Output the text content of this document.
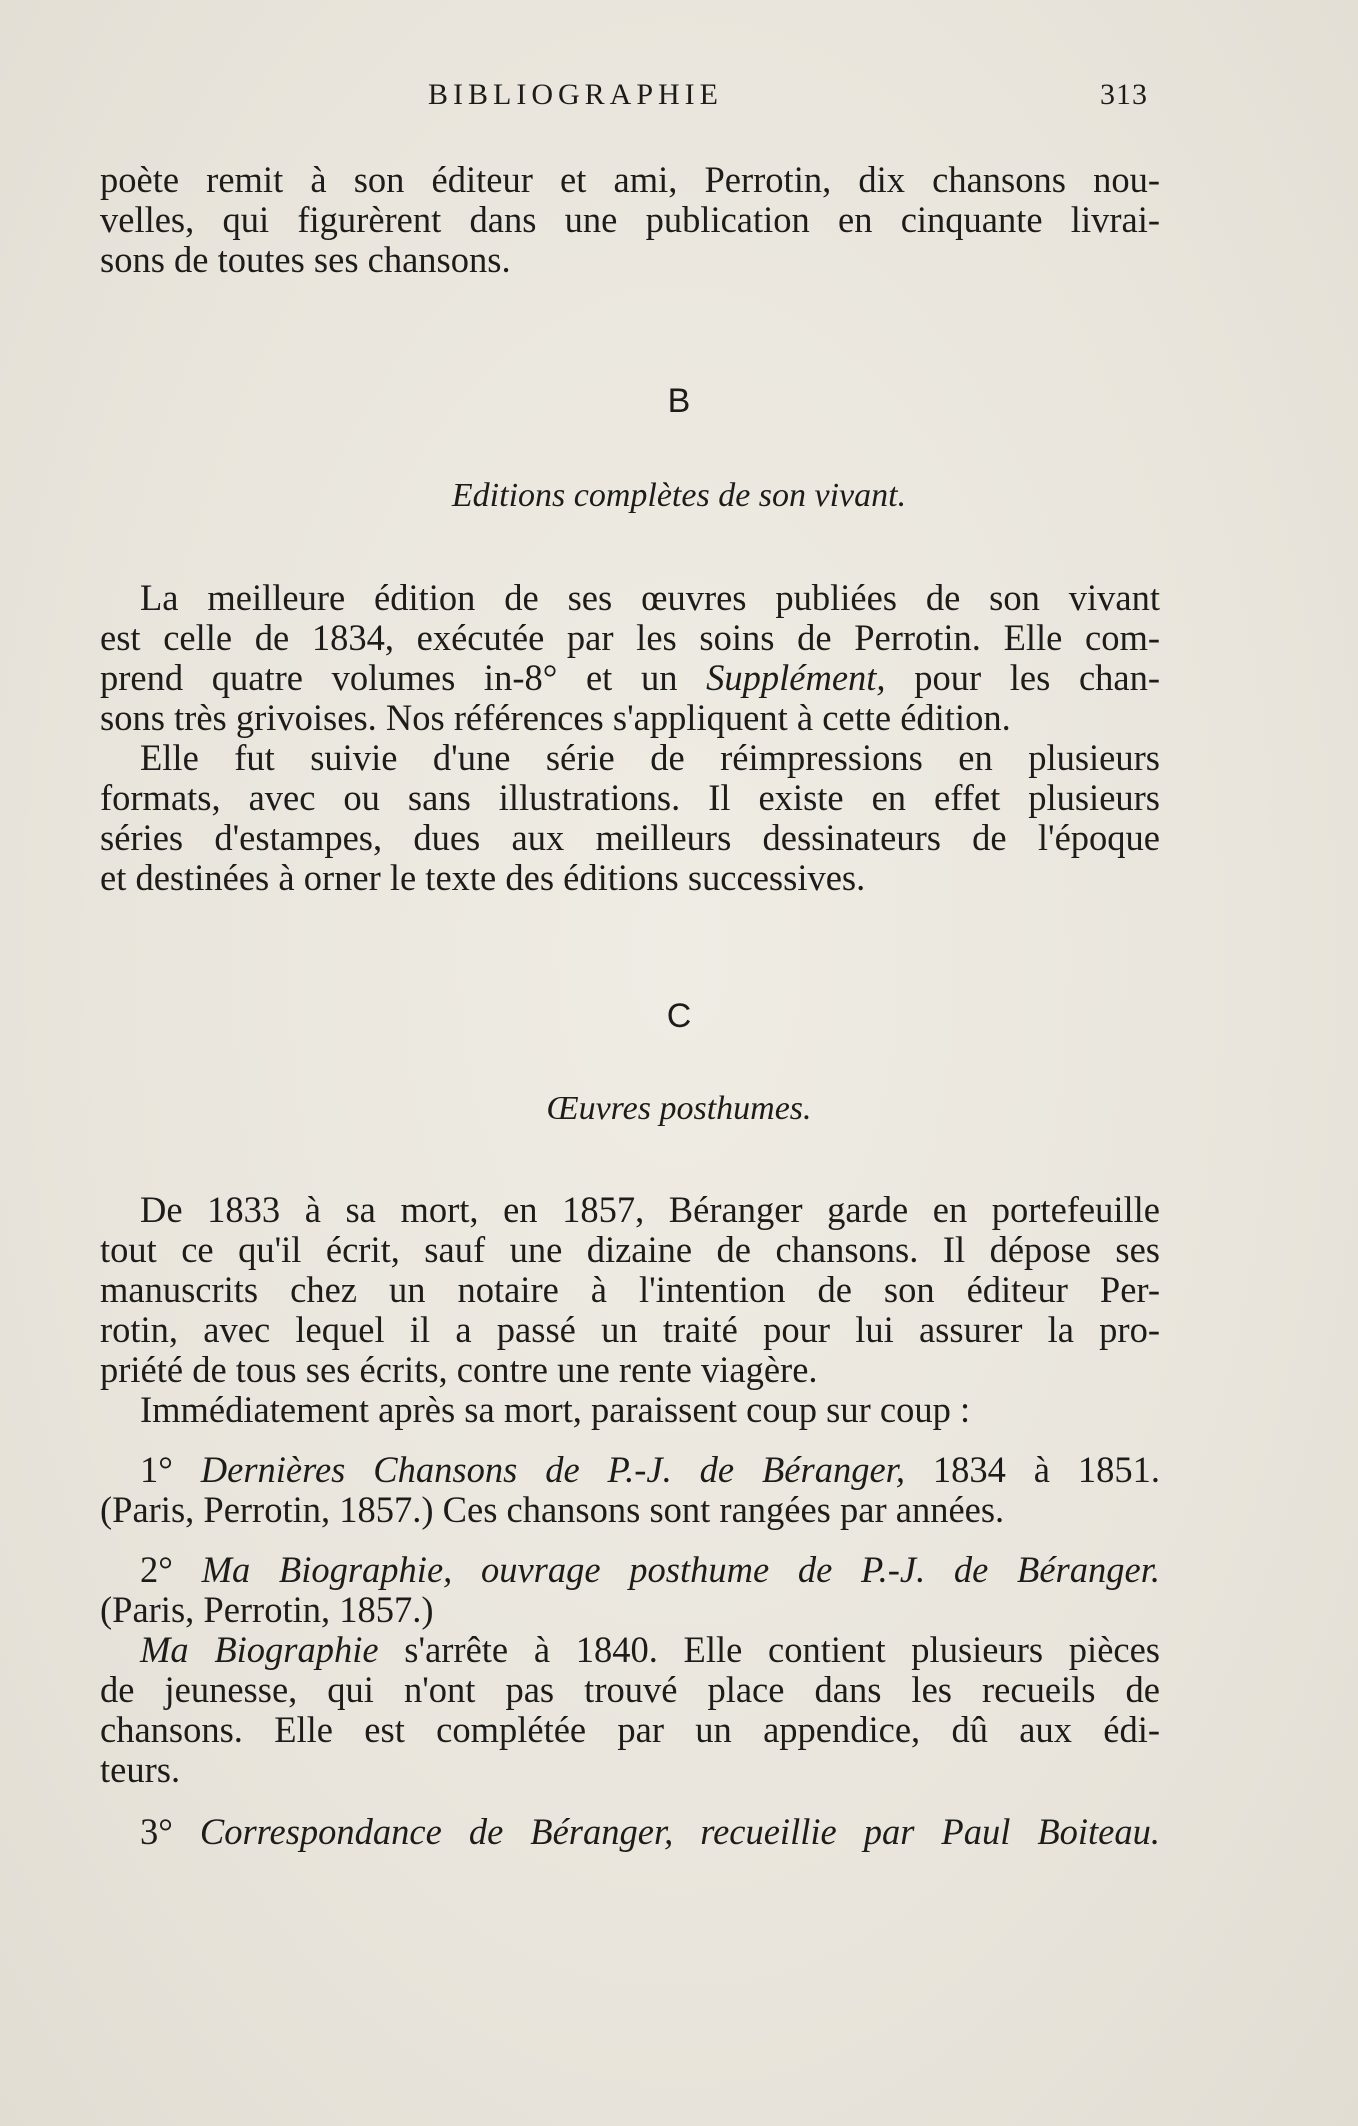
BIBLIOGRAPHIE	313
poète remit à son éditeur et ami, Perrotin, dix chansons nou-
velles, qui figurèrent dans une publication en cinquante livrai-
sons de toutes ses chansons.
B
Editions complètes de son vivant.
La meilleure édition de ses œuvres publiées de son vivant
est celle de 1834, exécutée par les soins de Perrotin. Elle com-
prend quatre volumes in-8° et un Supplément, pour les chan-
sons très grivoises. Nos références s'appliquent à cette édition.
Elle fut suivie d'une série de réimpressions en plusieurs
formats, avec ou sans illustrations. Il existe en effet plusieurs
séries d'estampes, dues aux meilleurs dessinateurs de l'époque
et destinées à orner le texte des éditions successives.
C
Œuvres posthumes.
De 1833 à sa mort, en 1857, Béranger garde en portefeuille
tout ce qu'il écrit, sauf une dizaine de chansons. Il dépose ses
manuscrits chez un notaire à l'intention de son éditeur Per-
rotin, avec lequel il a passé un traité pour lui assurer la pro-
priété de tous ses écrits, contre une rente viagère.
Immédiatement après sa mort, paraissent coup sur coup :
1° Dernières Chansons de P.-J. de Béranger, 1834 à 1851.
(Paris, Perrotin, 1857.) Ces chansons sont rangées par années.
2° Ma Biographie, ouvrage posthume de P.-J. de Béranger.
(Paris, Perrotin, 1857.)
Ma Biographie s'arrête à 1840. Elle contient plusieurs pièces
de jeunesse, qui n'ont pas trouvé place dans les recueils de
chansons. Elle est complétée par un appendice, dû aux édi-
teurs.
3° Correspondance de Béranger, recueillie par Paul Boiteau.
